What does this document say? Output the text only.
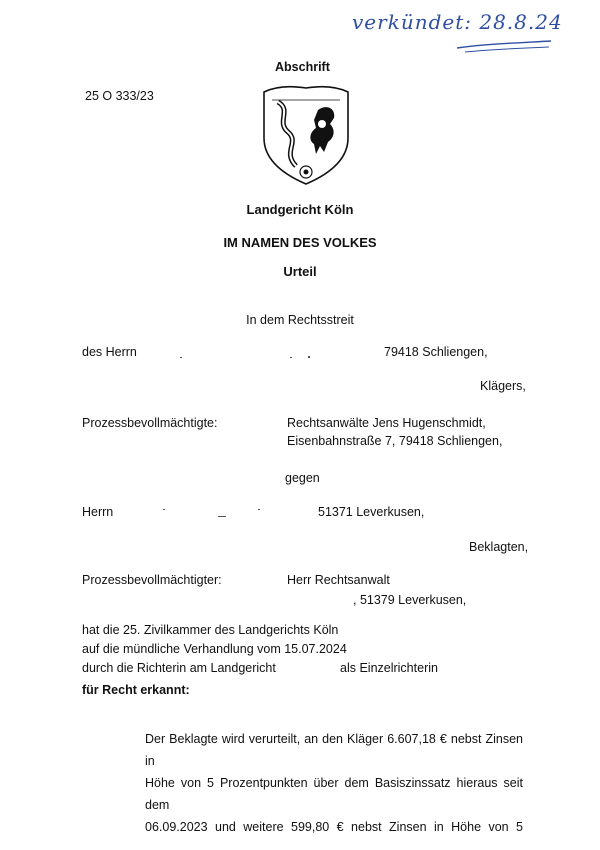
verkündet: 28.8.24
Abschrift
25 O 333/23
Landgericht Köln
IM NAMEN DES VOLKES
Urteil
In dem Rechtsstreit
des Herrn	79418 Schliengen,
Klägers,
Prozessbevollmächtigte:	Rechtsanwälte Jens Hugenschmidt,
Eisenbahnstraße 7, 79418 Schliengen,
gegen
Herrn	51371 Leverkusen,
Beklagten,
Prozessbevollmächtigter:	Herr Rechtsanwalt
, 51379 Leverkusen,
hat die 25. Zivilkammer des Landgerichts Köln
auf die mündliche Verhandlung vom 15.07.2024
durch die Richterin am Landgericht	als Einzelrichterin
für Recht erkannt:
Der Beklagte wird verurteilt, an den Kläger 6.607,18 € nebst Zinsen in
Höhe von 5 Prozentpunkten über dem Basiszinssatz hieraus seit dem
06.09.2023 und weitere 599,80 € nebst Zinsen in Höhe von 5
